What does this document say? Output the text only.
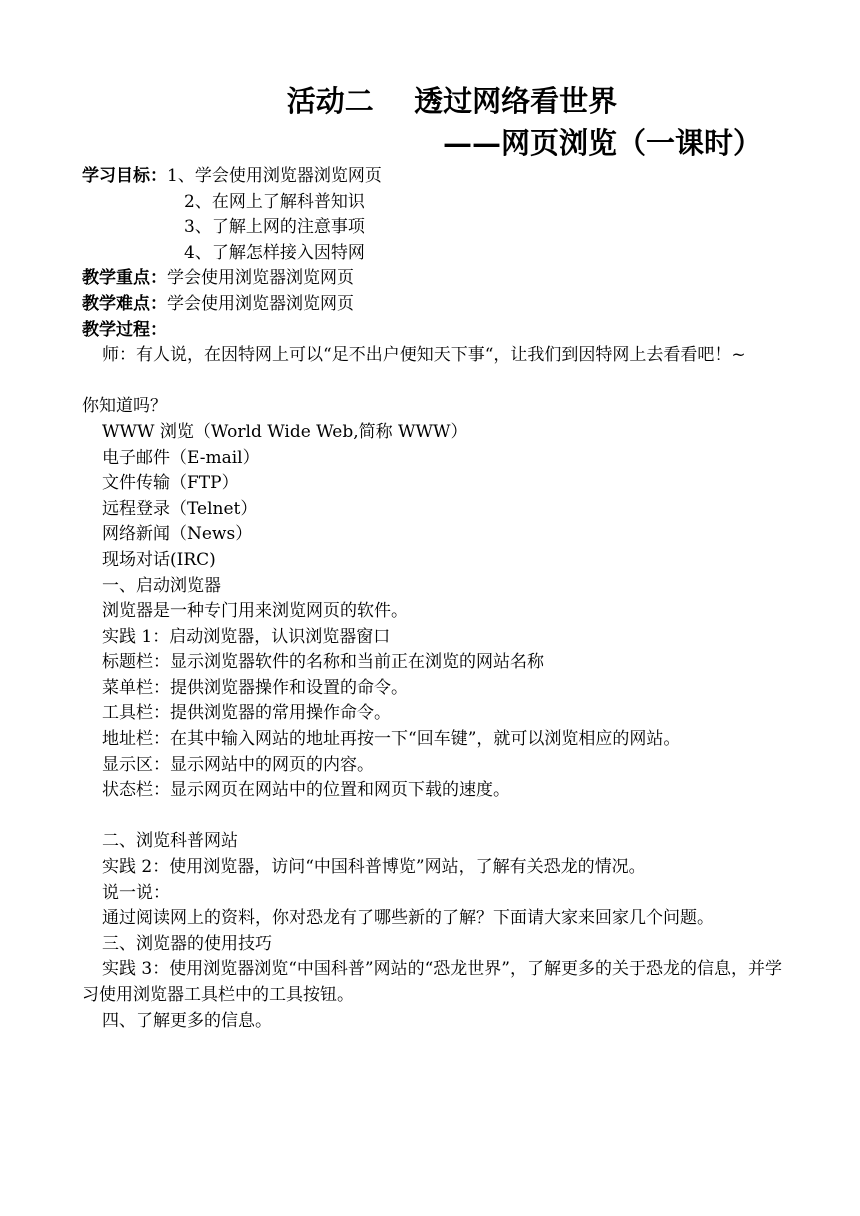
活动二    透过网络看世界
——网页浏览（一课时）
学习目标：1、学会使用浏览器浏览网页
2、在网上了解科普知识
3、了解上网的注意事项
4、了解怎样接入因特网
教学重点：学会使用浏览器浏览网页
教学难点：学会使用浏览器浏览网页
教学过程：
师：有人说，在因特网上可以“足不出户便知天下事“，让我们到因特网上去看看吧！~
你知道吗？
WWW 浏览（World Wide Web,简称 WWW）
电子邮件（E-mail）
文件传输（FTP）
远程登录（Telnet）
网络新闻（News）
现场对话(IRC)
一、启动浏览器
浏览器是一种专门用来浏览网页的软件。
实践 1：启动浏览器，认识浏览器窗口
标题栏：显示浏览器软件的名称和当前正在浏览的网站名称
菜单栏：提供浏览器操作和设置的命令。
工具栏：提供浏览器的常用操作命令。
地址栏：在其中输入网站的地址再按一下“回车键”，就可以浏览相应的网站。
显示区：显示网站中的网页的内容。
状态栏：显示网页在网站中的位置和网页下载的速度。
二、浏览科普网站
实践 2：使用浏览器，访问“中国科普博览”网站，了解有关恐龙的情况。
说一说：
通过阅读网上的资料，你对恐龙有了哪些新的了解？下面请大家来回家几个问题。
三、浏览器的使用技巧
实践 3：使用浏览器浏览“中国科普”网站的“恐龙世界”，了解更多的关于恐龙的信息，并学习使用浏览器工具栏中的工具按钮。
四、了解更多的信息。
